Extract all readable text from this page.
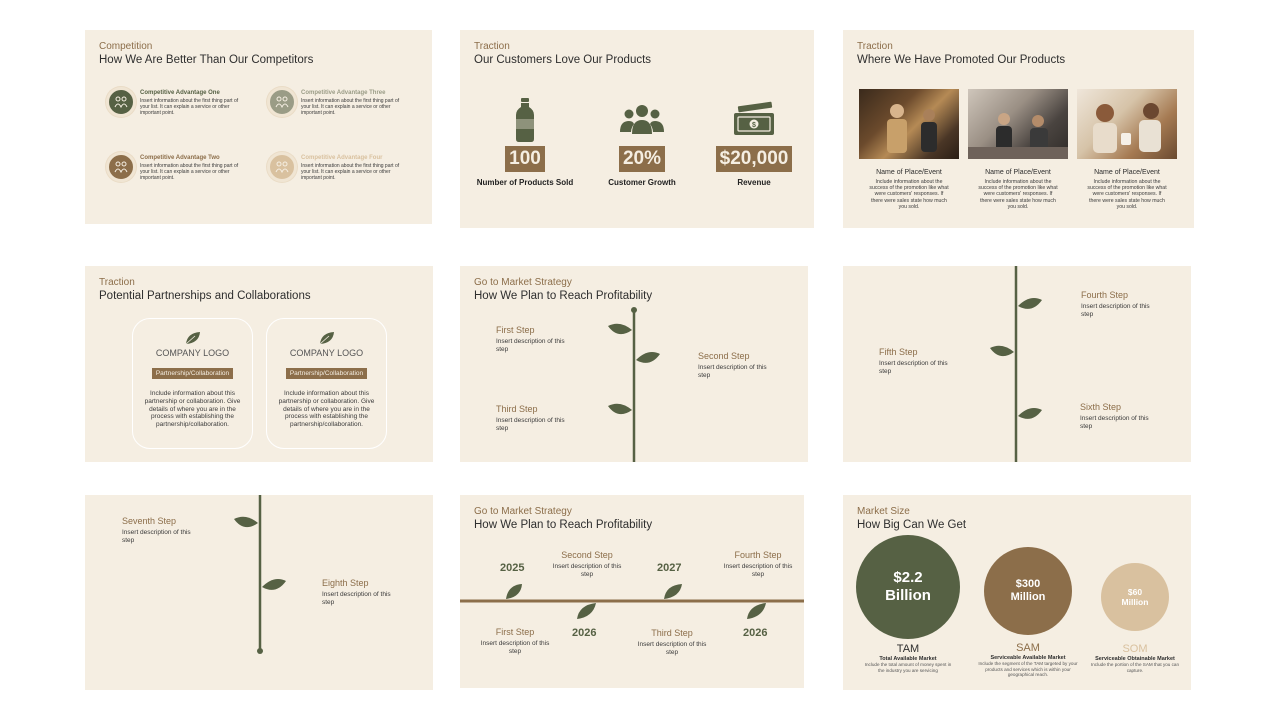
Competition
How We Are Better Than Our Competitors
Competitive Advantage One
Insert information about the first thing part of your list. It can explain a service or other important point.
Competitive Advantage Three
Insert information about the first thing part of your list. It can explain a service or other important point.
Competitive Advantage Two
Insert information about the first thing part of your list. It can explain a service or other important point.
Competitive Advantage Four
Insert information about the first thing part of your list. It can explain a service or other important point.
Traction
Our Customers Love Our Products
100
Number of Products Sold
20%
Customer Growth
$
$20,000
Revenue
Traction
Where We Have Promoted Our Products
Name of Place/Event
Include information about the success of the promotion like what were customers' responses. If there were sales state how much you sold.
Name of Place/Event
Include information about the success of the promotion like what were customers' responses. If there were sales state how much you sold.
Name of Place/Event
Include information about the success of the promotion like what were customers' responses. If there were sales state how much you sold.
Traction
Potential Partnerships and Collaborations
COMPANY LOGO
Partnership/Collaboration
Include information about this partnership or collaboration. Give details of where you are in the process with establishing the partnership/collaboration.
COMPANY LOGO
Partnership/Collaboration
Include information about this partnership or collaboration. Give details of where you are in the process with establishing the partnership/collaboration.
Go to Market Strategy
How We Plan to Reach Profitability
First Step
Insert description of this step
Second Step
Insert description of this step
Third Step
Insert description of this step
Fourth Step
Insert description of this step
Fifth Step
Insert description of this step
Sixth Step
Insert description of this step
Seventh Step
Insert description of this step
Eighth Step
Insert description of this step
Go to Market Strategy
How We Plan to Reach Profitability
2025
2026
2027
2026
First Step
Insert description of this step
Second Step
Insert description of this step
Third Step
Insert description of this step
Fourth Step
Insert description of this step
Market Size
How Big Can We Get
$2.2 Billion
$300 Million	$60 Million
TAM
Total Available Market
Include the total amount of money spent in the industry you are servicing
SAM
Serviceable Available Market
Include the segment of the TAM targeted by your products and services which is within your geographical reach.
SOM
Serviceable Obtainable Market
Include the portion of the SAM that you can capture.
